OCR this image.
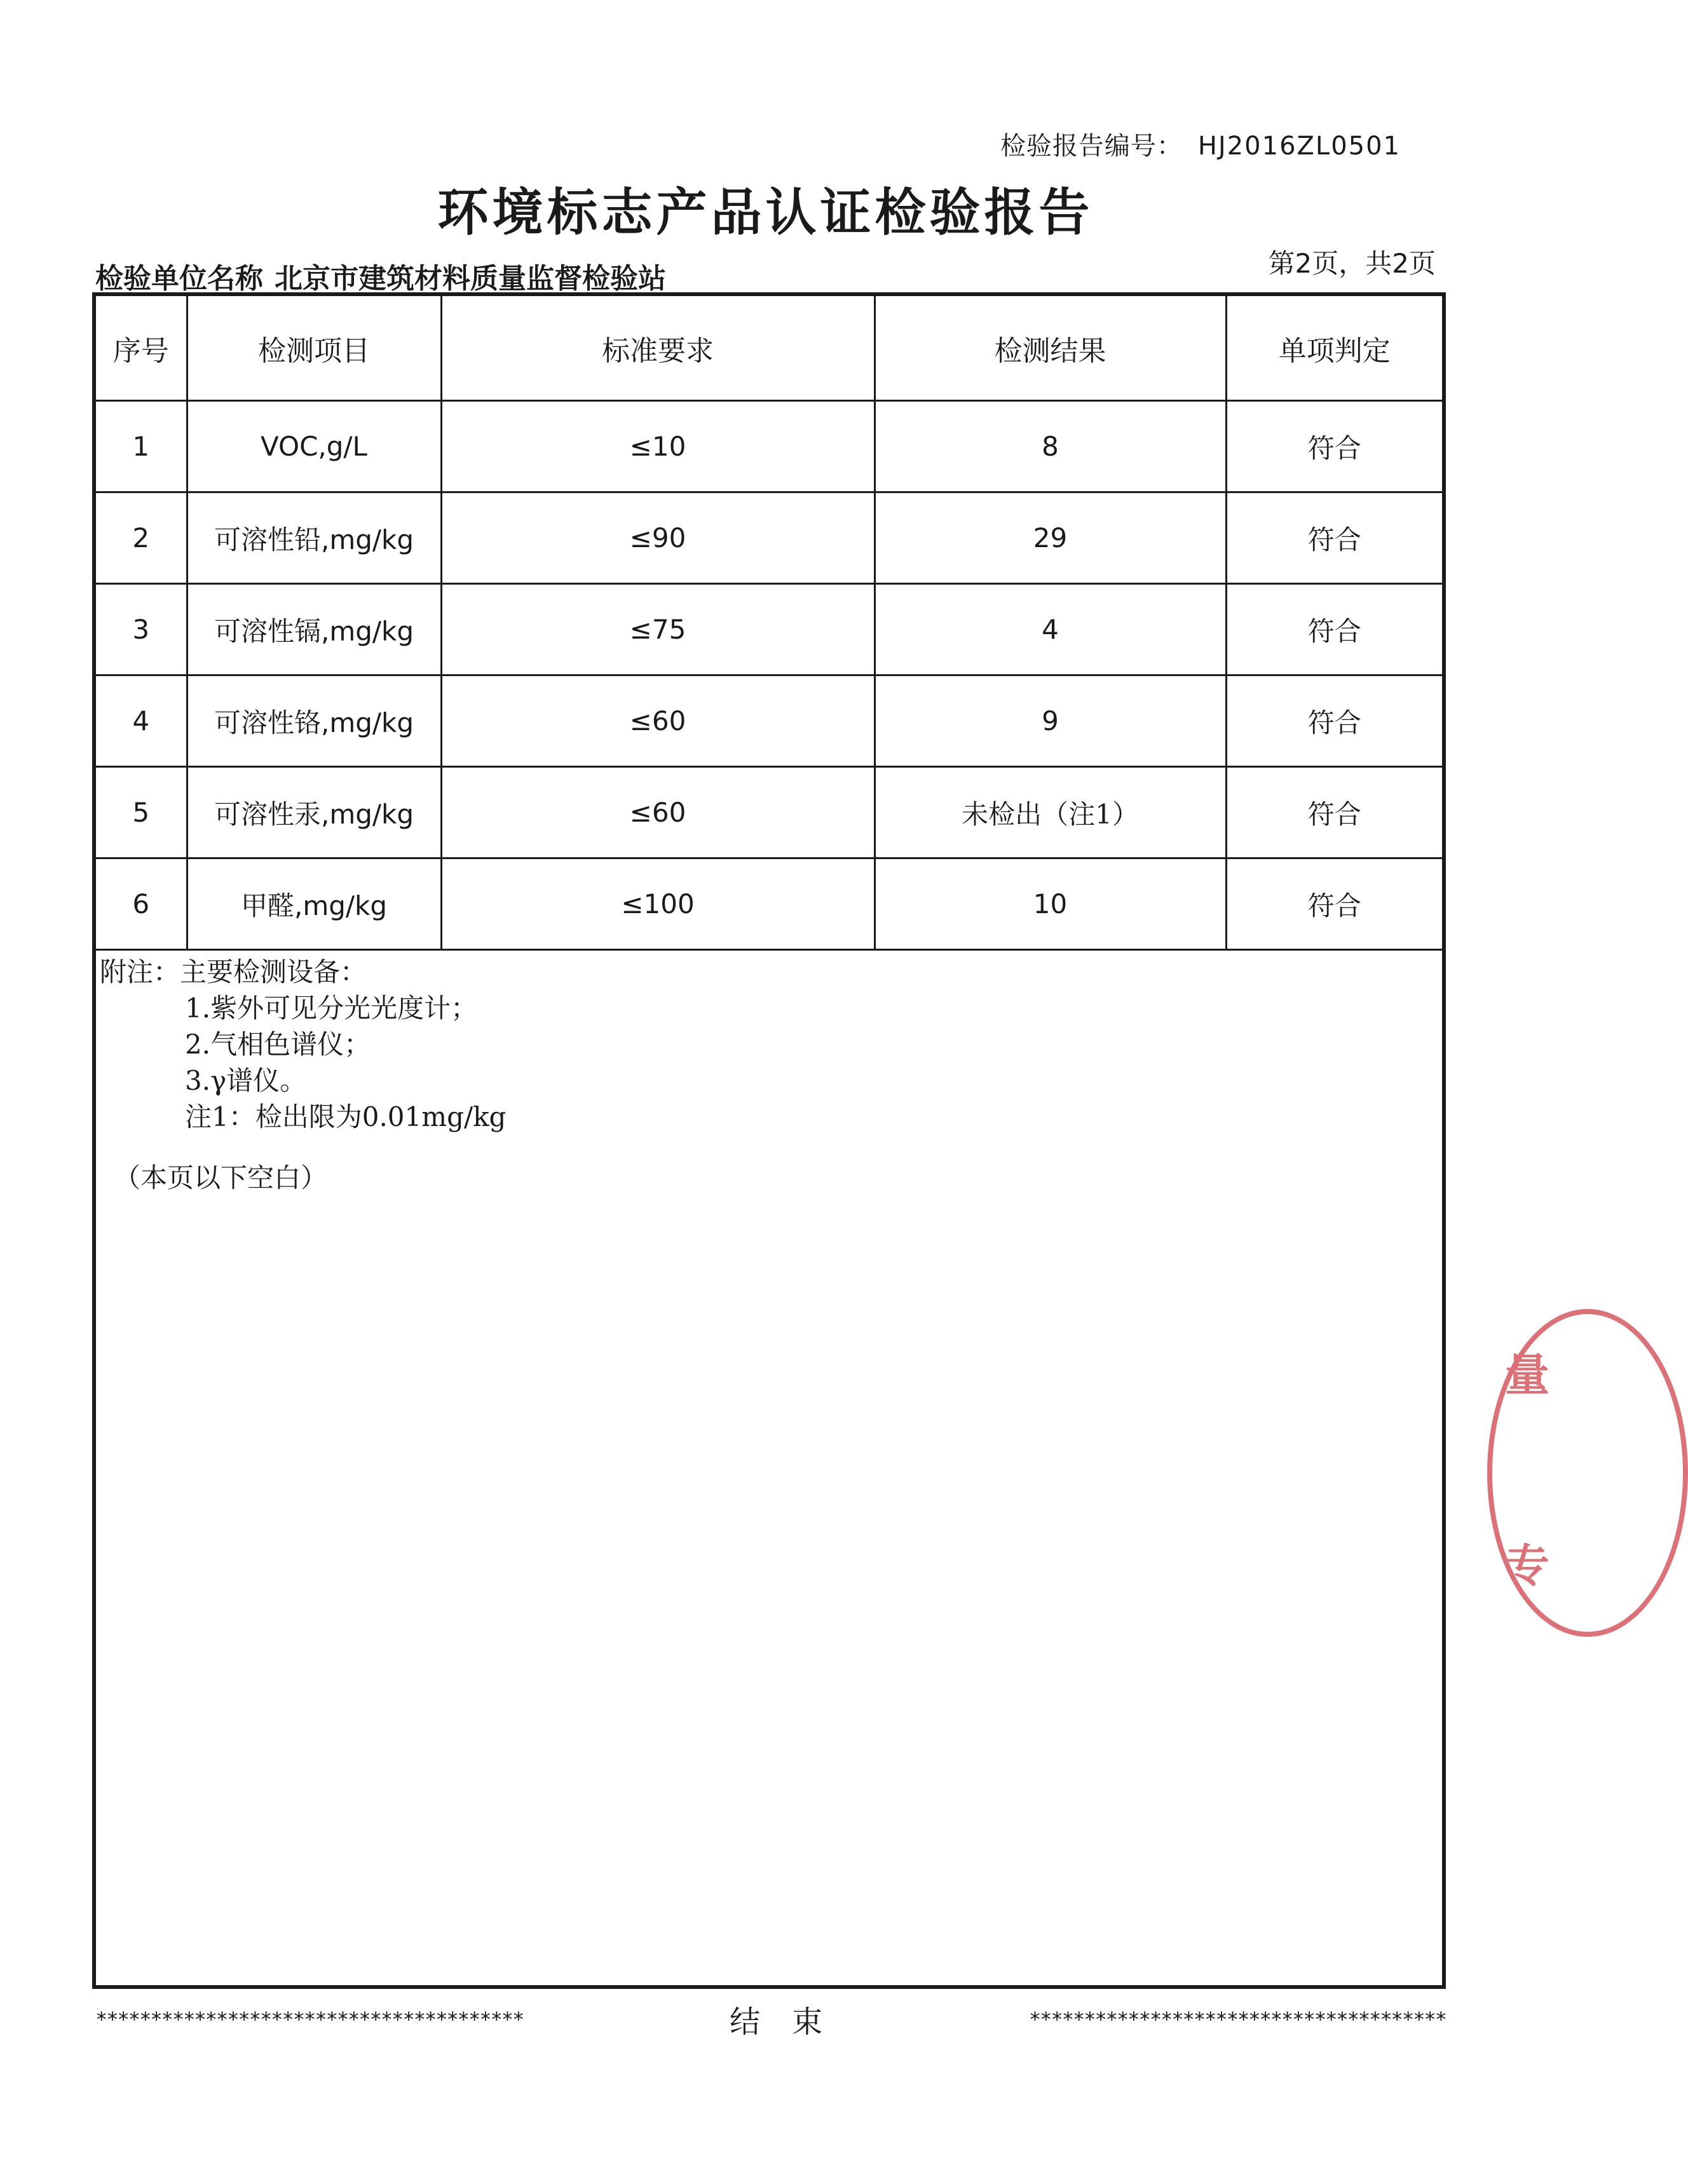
检验报告编号： HJ2016ZL0501
环境标志产品认证检验报告
检验单位名称 北京市建筑材料质量监督检验站	第2页，共2页
序号	检测项目	标准要求	检测结果	单项判定
1	VOC,g/L	≤10	8	符合
2	可溶性铅,mg/kg	≤90	29	符合
3	可溶性镉,mg/kg	≤75	4	符合
4	可溶性铬,mg/kg	≤60	9	符合
5	可溶性汞,mg/kg	≤60	未检出（注1）	符合
6	甲醛,mg/kg	≤100	10	符合
附注：主要检测设备：
1.紫外可见分光光度计；
2.气相色谱仪；
3.γ谱仪。
注1：检出限为0.01mg/kg
（本页以下空白）
***************************************	结束	**************************************
量
专
